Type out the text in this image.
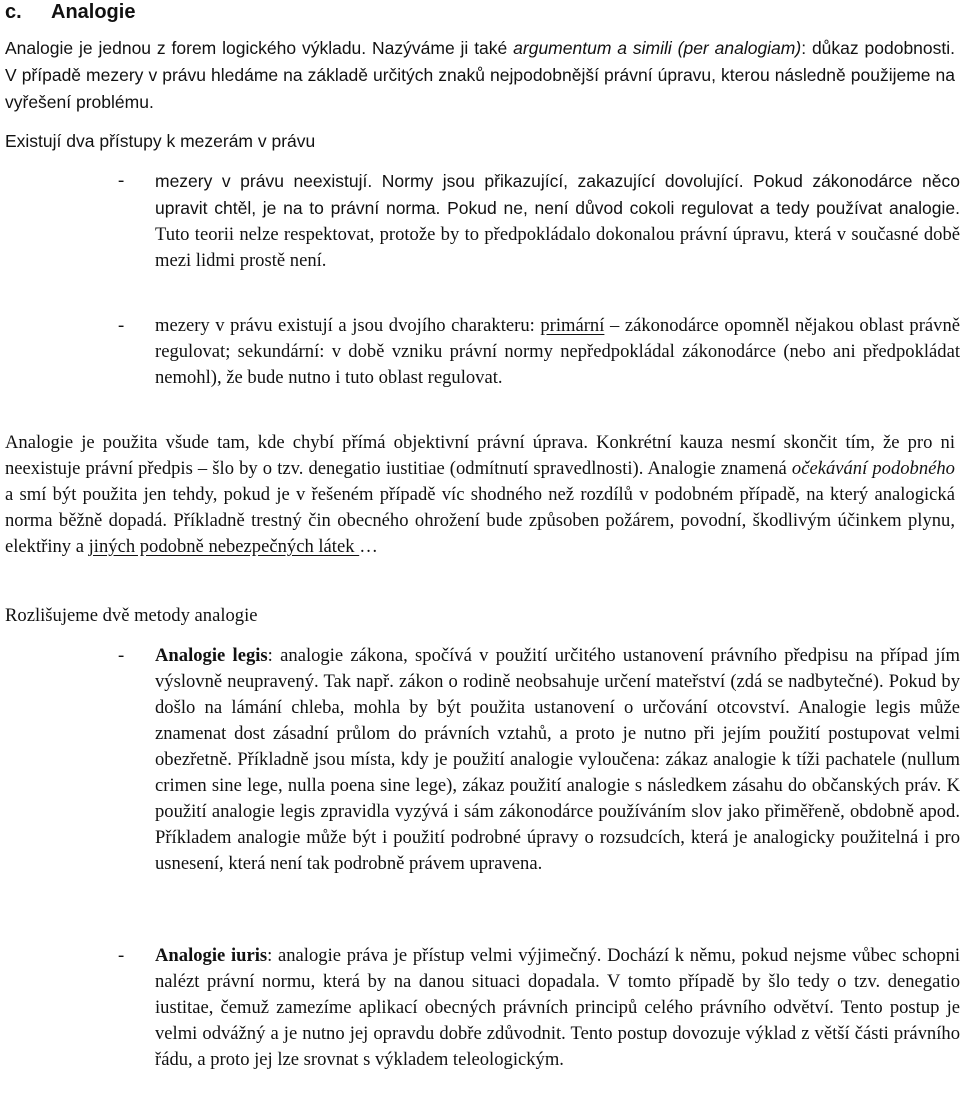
c. Analogie

Analogie je jednou z forem logického výkladu. Nazýváme ji také argumentum a simili (per analogiam): důkaz podobnosti. V případě mezery v právu hledáme na základě určitých znaků nejpodobnější právní úpravu, kterou následně použijeme na vyřešení problému.

Existují dva přístupy k mezerám v právu

- mezery v právu neexistují. Normy jsou přikazující, zakazující dovolující. Pokud zákonodárce něco upravit chtěl, je na to právní norma. Pokud ne, není důvod cokoli regulovat a tedy používat analogie. Tuto teorii nelze respektovat, protože by to předpokládalo dokonalou právní úpravu, která v současné době mezi lidmi prostě není.

- mezery v právu existují a jsou dvojího charakteru: primární – zákonodárce opomněl nějakou oblast právně regulovat; sekundární: v době vzniku právní normy nepředpokládal zákonodárce (nebo ani předpokládat nemohl), že bude nutno i tuto oblast regulovat.

Analogie je použita všude tam, kde chybí přímá objektivní právní úprava. Konkrétní kauza nesmí skončit tím, že pro ni neexistuje právní předpis – šlo by o tzv. denegatio iustitiae (odmítnutí spravedlnosti). Analogie znamená očekávání podobného a smí být použita jen tehdy, pokud je v řešeném případě víc shodného než rozdílů v podobném případě, na který analogická norma běžně dopadá. Příkladně trestný čin obecného ohrožení bude způsoben požárem, povodní, škodlivým účinkem plynu, elektřiny a jiných podobně nebezpečných látek …

Rozlišujeme dvě metody analogie

- Analogie legis: analogie zákona, spočívá v použití určitého ustanovení právního předpisu na případ jím výslovně neupravený. Tak např. zákon o rodině neobsahuje určení mateřství (zdá se nadbytečné). Pokud by došlo na lámání chleba, mohla by být použita ustanovení o určování otcovství. Analogie legis může znamenat dost zásadní průlom do právních vztahů, a proto je nutno při jejím použití postupovat velmi obezřetně. Příkladně jsou místa, kdy je použití analogie vyloučena: zákaz analogie k tíži pachatele (nullum crimen sine lege, nulla poena sine lege), zákaz použití analogie s následkem zásahu do občanských práv. K použití analogie legis zpravidla vyzývá i sám zákonodárce používáním slov jako přiměřeně, obdobně apod. Příkladem analogie může být i použití podrobné úpravy o rozsudcích, která je analogicky použitelná i pro usnesení, která není tak podrobně právem upravena.

- Analogie iuris: analogie práva je přístup velmi výjimečný. Dochází k němu, pokud nejsme vůbec schopni nalézt právní normu, která by na danou situaci dopadala. V tomto případě by šlo tedy o tzv. denegatio iustitae, čemuž zamezíme aplikací obecných právních principů celého právního odvětví. Tento postup je velmi odvážný a je nutno jej opravdu dobře zdůvodnit. Tento postup dovozuje výklad z větší části právního řádu, a proto jej lze srovnat s výkladem teleologickým.
